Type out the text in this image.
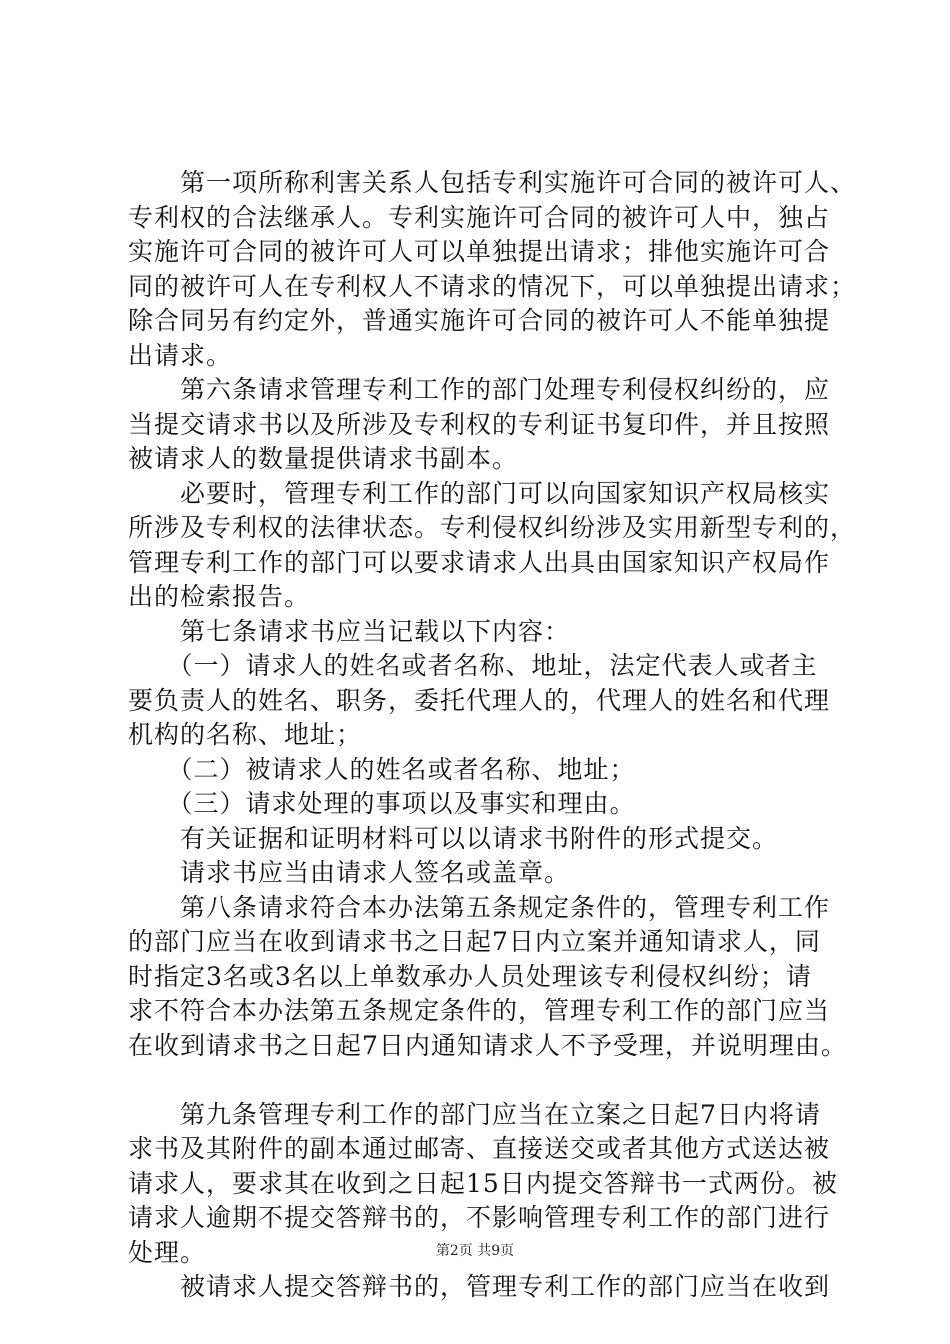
　　第一项所称利害关系人包括专利实施许可合同的被许可人、
专利权的合法继承人。专利实施许可合同的被许可人中，独占
实施许可合同的被许可人可以单独提出请求；排他实施许可合
同的被许可人在专利权人不请求的情况下，可以单独提出请求；
除合同另有约定外，普通实施许可合同的被许可人不能单独提
出请求。
　　第六条请求管理专利工作的部门处理专利侵权纠纷的，应
当提交请求书以及所涉及专利权的专利证书复印件，并且按照
被请求人的数量提供请求书副本。
　　必要时，管理专利工作的部门可以向国家知识产权局核实
所涉及专利权的法律状态。专利侵权纠纷涉及实用新型专利的，
管理专利工作的部门可以要求请求人出具由国家知识产权局作
出的检索报告。
　　第七条请求书应当记载以下内容：
　　（一）请求人的姓名或者名称、地址，法定代表人或者主
要负责人的姓名、职务，委托代理人的，代理人的姓名和代理
机构的名称、地址；
　　（二）被请求人的姓名或者名称、地址；
　　（三）请求处理的事项以及事实和理由。
　　有关证据和证明材料可以以请求书附件的形式提交。
　　请求书应当由请求人签名或盖章。
　　第八条请求符合本办法第五条规定条件的，管理专利工作
的部门应当在收到请求书之日起7日内立案并通知请求人，同
时指定3名或3名以上单数承办人员处理该专利侵权纠纷；请
求不符合本办法第五条规定条件的，管理专利工作的部门应当
在收到请求书之日起7日内通知请求人不予受理，并说明理由。
　　第九条管理专利工作的部门应当在立案之日起7日内将请
求书及其附件的副本通过邮寄、直接送交或者其他方式送达被
请求人，要求其在收到之日起15日内提交答辩书一式两份。被
请求人逾期不提交答辩书的，不影响管理专利工作的部门进行
处理。
　　被请求人提交答辩书的，管理专利工作的部门应当在收到
第2页 共9页
